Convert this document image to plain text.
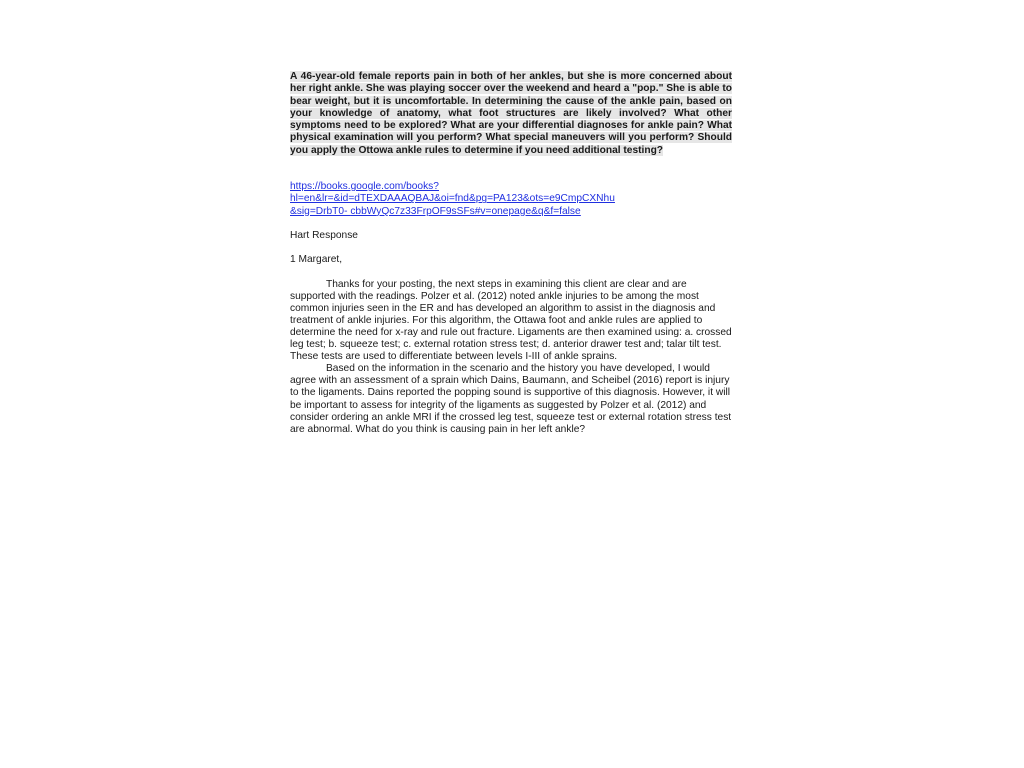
A 46-year-old female reports pain in both of her ankles, but she is more concerned about her right ankle. She was playing soccer over the weekend and heard a "pop." She is able to bear weight, but it is uncomfortable. In determining the cause of the ankle pain, based on your knowledge of anatomy, what foot structures are likely involved? What other symptoms need to be explored? What are your differential diagnoses for ankle pain? What physical examination will you perform? What special maneuvers will you perform? Should you apply the Ottowa ankle rules to determine if you need additional testing?

https://books.google.com/books?
hl=en&lr=&id=dTEXDAAAQBAJ&oi=fnd&pg=PA123&ots=e9CmpCXNhu
&sig=DrbT0- cbbWyQc7z33FrpOF9sSFs#v=onepage&q&f=false
Hart Response
1 Margaret,

Thanks for your posting, the next steps in examining this client are clear and are supported with the readings. Polzer et al. (2012) noted ankle injuries to be among the most common injuries seen in the ER and has developed an algorithm to assist in the diagnosis and treatment of ankle injuries. For this algorithm, the Ottawa foot and ankle rules are applied to determine the need for x-ray and rule out fracture. Ligaments are then examined using: a. crossed leg test; b. squeeze test; c. external rotation stress test; d. anterior drawer test and; talar tilt test. These tests are used to differentiate between levels I-III of ankle sprains.

Based on the information in the scenario and the history you have developed, I would agree with an assessment of a sprain which Dains, Baumann, and Scheibel (2016) report is injury to the ligaments. Dains reported the popping sound is supportive of this diagnosis. However, it will be important to assess for integrity of the ligaments as suggested by Polzer et al. (2012) and consider ordering an ankle MRI if the crossed leg test, squeeze test or external rotation stress test are abnormal. What do you think is causing pain in her left ankle?
